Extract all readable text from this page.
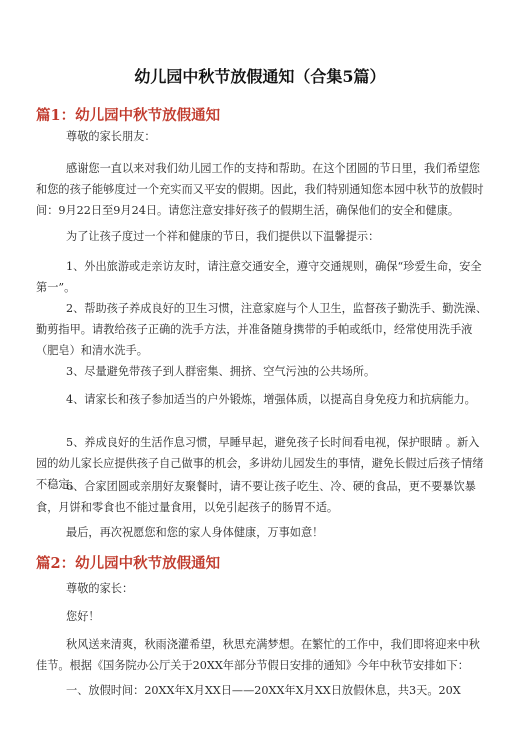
幼儿园中秋节放假通知（合集5篇）
篇1：幼儿园中秋节放假通知

尊敬的家长朋友：

感谢您一直以来对我们幼儿园工作的支持和帮助。在这个团圆的节日里，我们希望您和您的孩子能够度过一个充实而又平安的假期。因此，我们特别通知您本园中秋节的放假时间：9月22日至9月24日。请您注意安排好孩子的假期生活，确保他们的安全和健康。

为了让孩子度过一个祥和健康的节日，我们提供以下温馨提示：

1、外出旅游或走亲访友时，请注意交通安全，遵守交通规则，确保“珍爱生命，安全第一”。

2、帮助孩子养成良好的卫生习惯，注意家庭与个人卫生，监督孩子勤洗手、勤洗澡、勤剪指甲。请教给孩子正确的洗手方法，并准备随身携带的手帕或纸巾，经常使用洗手液（肥皂）和清水洗手。

3、尽量避免带孩子到人群密集、拥挤、空气污浊的公共场所。

4、请家长和孩子参加适当的户外锻炼，增强体质，以提高自身免疫力和抗病能力。

5、养成良好的生活作息习惯，早睡早起，避免孩子长时间看电视，保护眼睛 。新入园的幼儿家长应提供孩子自己做事的机会，多讲幼儿园发生的事情，避免长假过后孩子情绪不稳定。

6、合家团圆或亲朋好友聚餐时，请不要让孩子吃生、冷、硬的食品，更不要暴饮暴食，月饼和零食也不能过量食用，以免引起孩子的肠胃不适。

最后，再次祝愿您和您的家人身体健康，万事如意！

篇2：幼儿园中秋节放假通知

尊敬的家长：

您好！

秋风送来清爽，秋雨浇灌希望，秋思充满梦想。在繁忙的工作中，我们即将迎来中秋佳节。根据《国务院办公厅关于20XX年部分节假日安排的通知》今年中秋节安排如下：

一、放假时间：20XX年X月XX日——20XX年X月XX日放假休息，共3天。20X
